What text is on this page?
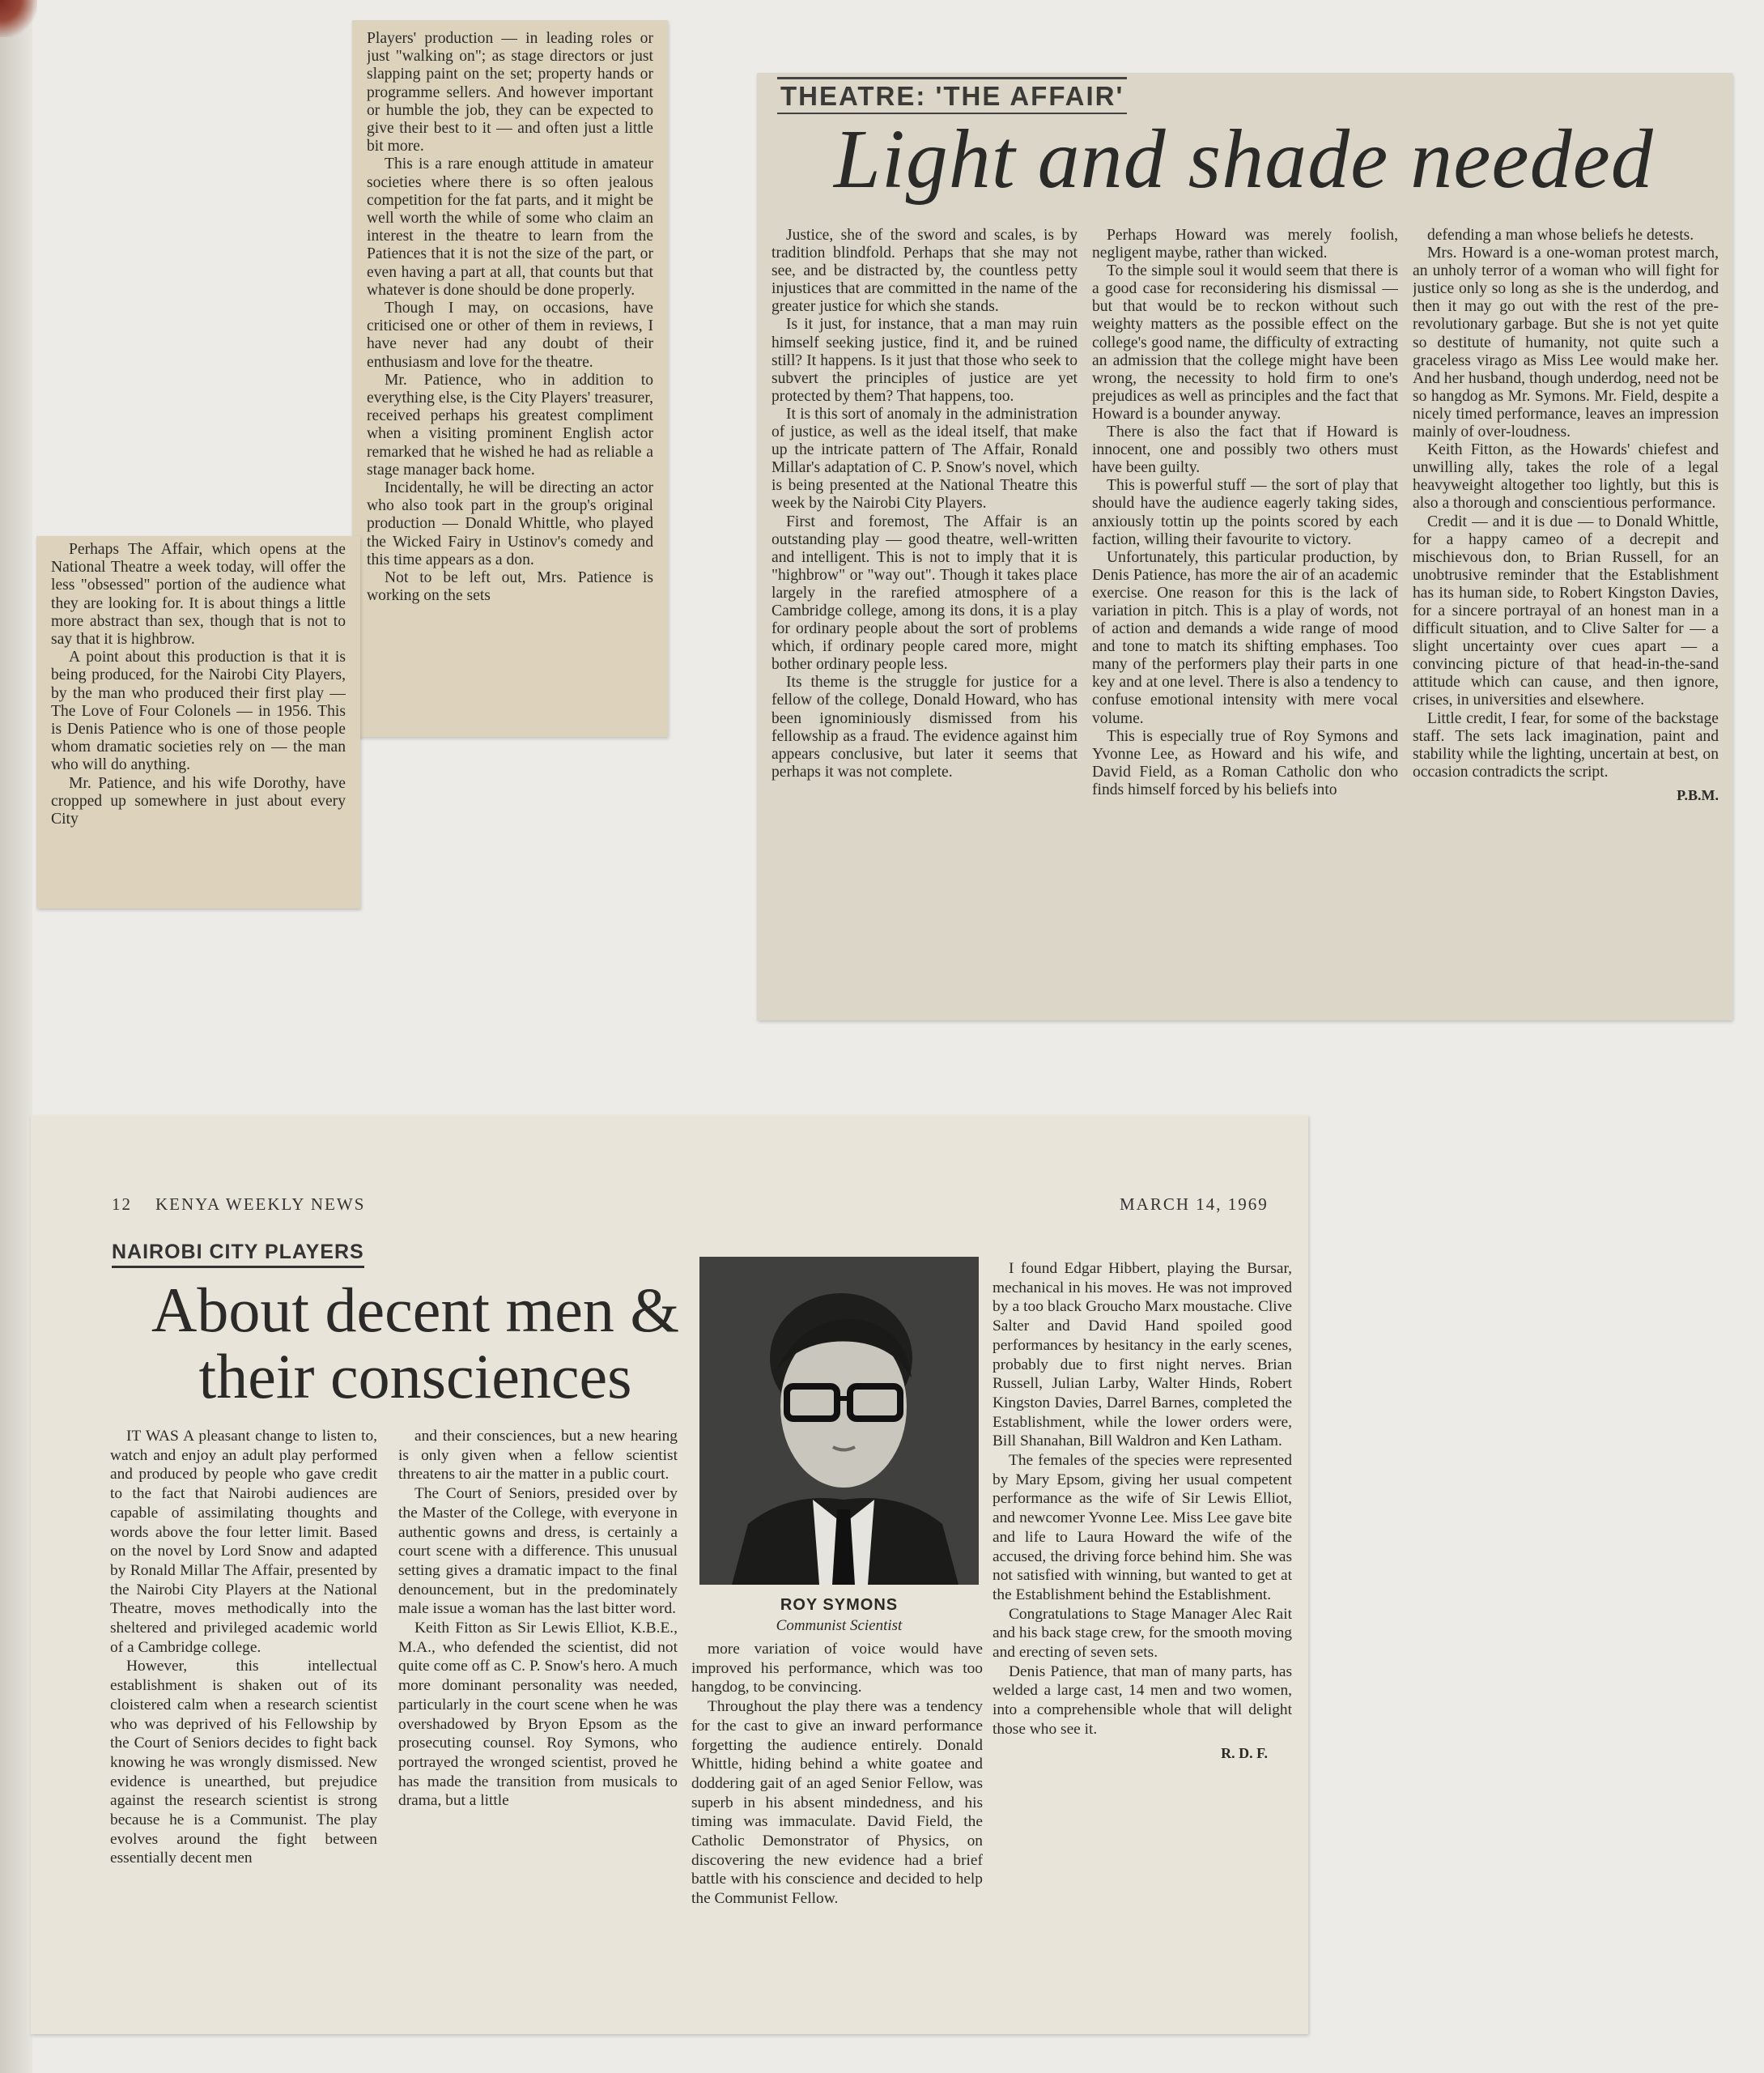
Players' production — in leading roles or just "walking on"; as stage directors or just slapping paint on the set; property hands or programme sellers. And however important or humble the job, they can be expected to give their best to it — and often just a little bit more.

This is a rare enough attitude in amateur societies where there is so often jealous competition for the fat parts, and it might be well worth the while of some who claim an interest in the theatre to learn from the Patiences that it is not the size of the part, or even having a part at all, that counts but that whatever is done should be done properly.

Though I may, on occasions, have criticised one or other of them in reviews, I have never had any doubt of their enthusiasm and love for the theatre.

Mr. Patience, who in addition to everything else, is the City Players' treasurer, received perhaps his greatest compliment when a visiting prominent English actor remarked that he wished he had as reliable a stage manager back home.

Incidentally, he will be directing an actor who also took part in the group's original production — Donald Whittle, who played the Wicked Fairy in Ustinov's comedy and this time appears as a don.

Not to be left out, Mrs. Patience is working on the sets

Perhaps The Affair, which opens at the National Theatre a week today, will offer the less "obsessed" portion of the audience what they are looking for. It is about things a little more abstract than sex, though that is not to say that it is highbrow.

A point about this production is that it is being produced, for the Nairobi City Players, by the man who produced their first play — The Love of Four Colonels — in 1956. This is Denis Patience who is one of those people whom dramatic societies rely on — the man who will do anything.

Mr. Patience, and his wife Dorothy, have cropped up somewhere in just about every City

THEATRE: 'THE AFFAIR'
Light and shade needed

Justice, she of the sword and scales, is by tradition blindfold. Perhaps that she may not see, and be distracted by, the countless petty injustices that are committed in the name of the greater justice for which she stands.

Is it just, for instance, that a man may ruin himself seeking justice, find it, and be ruined still? It happens. Is it just that those who seek to subvert the principles of justice are yet protected by them? That happens, too.

It is this sort of anomaly in the administration of justice, as well as the ideal itself, that make up the intricate pattern of The Affair, Ronald Millar's adaptation of C. P. Snow's novel, which is being presented at the National Theatre this week by the Nairobi City Players.

First and foremost, The Affair is an outstanding play — good theatre, well-written and intelligent. This is not to imply that it is "highbrow" or "way out". Though it takes place largely in the rarefied atmosphere of a Cambridge college, among its dons, it is a play for ordinary people about the sort of problems which, if ordinary people cared more, might bother ordinary people less.

Its theme is the struggle for justice for a fellow of the college, Donald Howard, who has been ignominiously dismissed from his fellowship as a fraud. The evidence against him appears conclusive, but later it seems that perhaps it was not complete.

Perhaps Howard was merely foolish, negligent maybe, rather than wicked.

To the simple soul it would seem that there is a good case for reconsidering his dismissal — but that would be to reckon without such weighty matters as the possible effect on the college's good name, the difficulty of extracting an admission that the college might have been wrong, the necessity to hold firm to one's prejudices as well as principles and the fact that Howard is a bounder anyway.

There is also the fact that if Howard is innocent, one and possibly two others must have been guilty.

This is powerful stuff — the sort of play that should have the audience eagerly taking sides, anxiously tottin up the points scored by each faction, willing their favourite to victory.

Unfortunately, this particular production, by Denis Patience, has more the air of an academic exercise. One reason for this is the lack of variation in pitch. This is a play of words, not of action and demands a wide range of mood and tone to match its shifting emphases. Too many of the performers play their parts in one key and at one level. There is also a tendency to confuse emotional intensity with mere vocal volume.

This is especially true of Roy Symons and Yvonne Lee, as Howard and his wife, and David Field, as a Roman Catholic don who finds himself forced by his beliefs into

defending a man whose beliefs he detests.

Mrs. Howard is a one-woman protest march, an unholy terror of a woman who will fight for justice only so long as she is the underdog, and then it may go out with the rest of the pre-revolutionary garbage. But she is not yet quite so destitute of humanity, not quite such a graceless virago as Miss Lee would make her. And her husband, though underdog, need not be so hangdog as Mr. Symons. Mr. Field, despite a nicely timed performance, leaves an impression mainly of over-loudness.

Keith Fitton, as the Howards' chiefest and unwilling ally, takes the role of a legal heavyweight altogether too lightly, but this is also a thorough and conscientious performance.

Credit — and it is due — to Donald Whittle, for a happy cameo of a decrepit and mischievous don, to Brian Russell, for an unobtrusive reminder that the Establishment has its human side, to Robert Kingston Davies, for a sincere portrayal of an honest man in a difficult situation, and to Clive Salter for — a slight uncertainty over cues apart — a convincing picture of that head-in-the-sand attitude which can cause, and then ignore, crises, in universities and elsewhere.

Little credit, I fear, for some of the backstage staff. The sets lack imagination, paint and stability while the lighting, uncertain at best, on occasion contradicts the script.

P.B.M.
12 KENYA WEEKLY NEWS	MARCH 14, 1969
NAIROBI CITY PLAYERS
About decent men & their consciences

IT WAS A pleasant change to listen to, watch and enjoy an adult play performed and produced by people who gave credit to the fact that Nairobi audiences are capable of assimilating thoughts and words above the four letter limit. Based on the novel by Lord Snow and adapted by Ronald Millar The Affair, presented by the Nairobi City Players at the National Theatre, moves methodically into the sheltered and privileged academic world of a Cambridge college.

However, this intellectual establishment is shaken out of its cloistered calm when a research scientist who was deprived of his Fellowship by the Court of Seniors decides to fight back knowing he was wrongly dismissed. New evidence is unearthed, but prejudice against the research scientist is strong because he is a Communist. The play evolves around the fight between essentially decent men

and their consciences, but a new hearing is only given when a fellow scientist threatens to air the matter in a public court.

The Court of Seniors, presided over by the Master of the College, with everyone in authentic gowns and dress, is certainly a court scene with a difference. This unusual setting gives a dramatic impact to the final denouncement, but in the predominately male issue a woman has the last bitter word.

Keith Fitton as Sir Lewis Elliot, K.B.E., M.A., who defended the scientist, did not quite come off as C. P. Snow's hero. A much more dominant personality was needed, particularly in the court scene when he was overshadowed by Bryon Epsom as the prosecuting counsel. Roy Symons, who portrayed the wronged scientist, proved he has made the transition from musicals to drama, but a little

ROY SYMONS
Communist Scientist

more variation of voice would have improved his performance, which was too hangdog, to be convincing.

Throughout the play there was a tendency for the cast to give an inward performance forgetting the audience entirely. Donald Whittle, hiding behind a white goatee and doddering gait of an aged Senior Fellow, was superb in his absent mindedness, and his timing was immaculate. David Field, the Catholic Demonstrator of Physics, on discovering the new evidence had a brief battle with his conscience and decided to help the Communist Fellow.

I found Edgar Hibbert, playing the Bursar, mechanical in his moves. He was not improved by a too black Groucho Marx moustache. Clive Salter and David Hand spoiled good performances by hesitancy in the early scenes, probably due to first night nerves. Brian Russell, Julian Larby, Walter Hinds, Robert Kingston Davies, Darrel Barnes, completed the Establishment, while the lower orders were, Bill Shanahan, Bill Waldron and Ken Latham.

The females of the species were represented by Mary Epsom, giving her usual competent performance as the wife of Sir Lewis Elliot, and newcomer Yvonne Lee. Miss Lee gave bite and life to Laura Howard the wife of the accused, the driving force behind him. She was not satisfied with winning, but wanted to get at the Establishment behind the Establishment.

Congratulations to Stage Manager Alec Rait and his back stage crew, for the smooth moving and erecting of seven sets.

Denis Patience, that man of many parts, has welded a large cast, 14 men and two women, into a comprehensible whole that will delight those who see it.

R. D. F.
